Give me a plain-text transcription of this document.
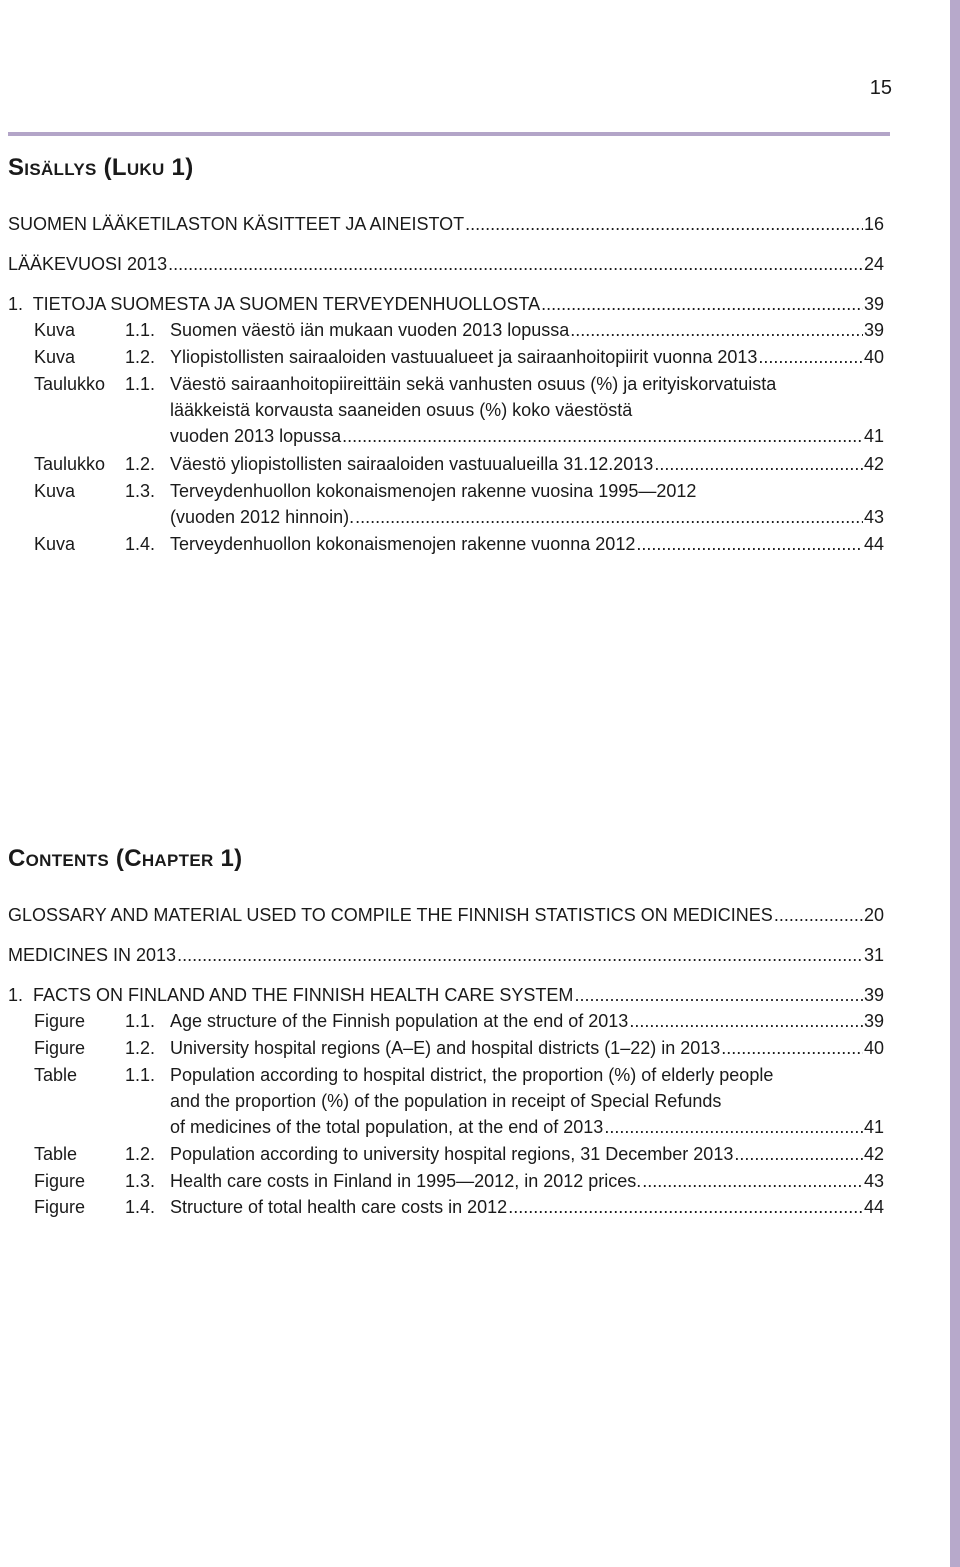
15
Sisällys (Luku 1)
SUOMEN LÄÄKETILASTON KÄSITTEET JA AINEISTOT .....	16
LÄÄKEVUOSI 2013 .....	24
1.  TIETOJA SUOMESTA JA SUOMEN TERVEYDENHUOLLOSTA .....	39
Kuva	1.1. Suomen väestö iän mukaan vuoden 2013 lopussa .....	39
Kuva	1.2. Yliopistollisten sairaaloiden vastuualueet ja sairaanhoitopiirit vuonna 2013 .....	40
Taulukko 1.1. Väestö sairaanhoitopiireittäin sekä vanhusten osuus (%) ja erityiskorvatuista
lääkkeistä korvausta saaneiden osuus (%) koko väestöstä
vuoden 2013 lopussa .....	41
Taulukko 1.2. Väestö yliopistollisten sairaaloiden vastuualueilla 31.12.2013 .....	42
Kuva	1.3. Terveydenhuollon kokonaismenojen rakenne vuosina 1995—2012
(vuoden 2012 hinnoin). .....	43
Kuva	1.4. Terveydenhuollon kokonaismenojen rakenne vuonna 2012 .....	44
Contents (Chapter 1)
GLOSSARY AND MATERIAL USED TO COMPILE THE FINNISH STATISTICS ON MEDICINES .....	20
MEDICINES IN 2013 .....	31
1.  FACTS ON FINLAND AND THE FINNISH HEALTH CARE SYSTEM .....	39
Figure 1.1. Age structure of the Finnish population at the end of 2013 .....	39
Figure 1.2. University hospital regions (A–E) and hospital districts (1–22) in 2013 .....	40
Table	1.1. Population according to hospital district, the proportion (%) of elderly people
and the proportion (%) of the population in receipt of Special Refunds
of medicines of the total population, at the end of 2013 .....	41
Table	1.2. Population according to university hospital regions, 31 December 2013 .....	42
Figure 1.3. Health care costs in Finland in 1995—2012, in 2012 prices. .....	43
Figure 1.4. Structure of total health care costs in 2012 .....	44
